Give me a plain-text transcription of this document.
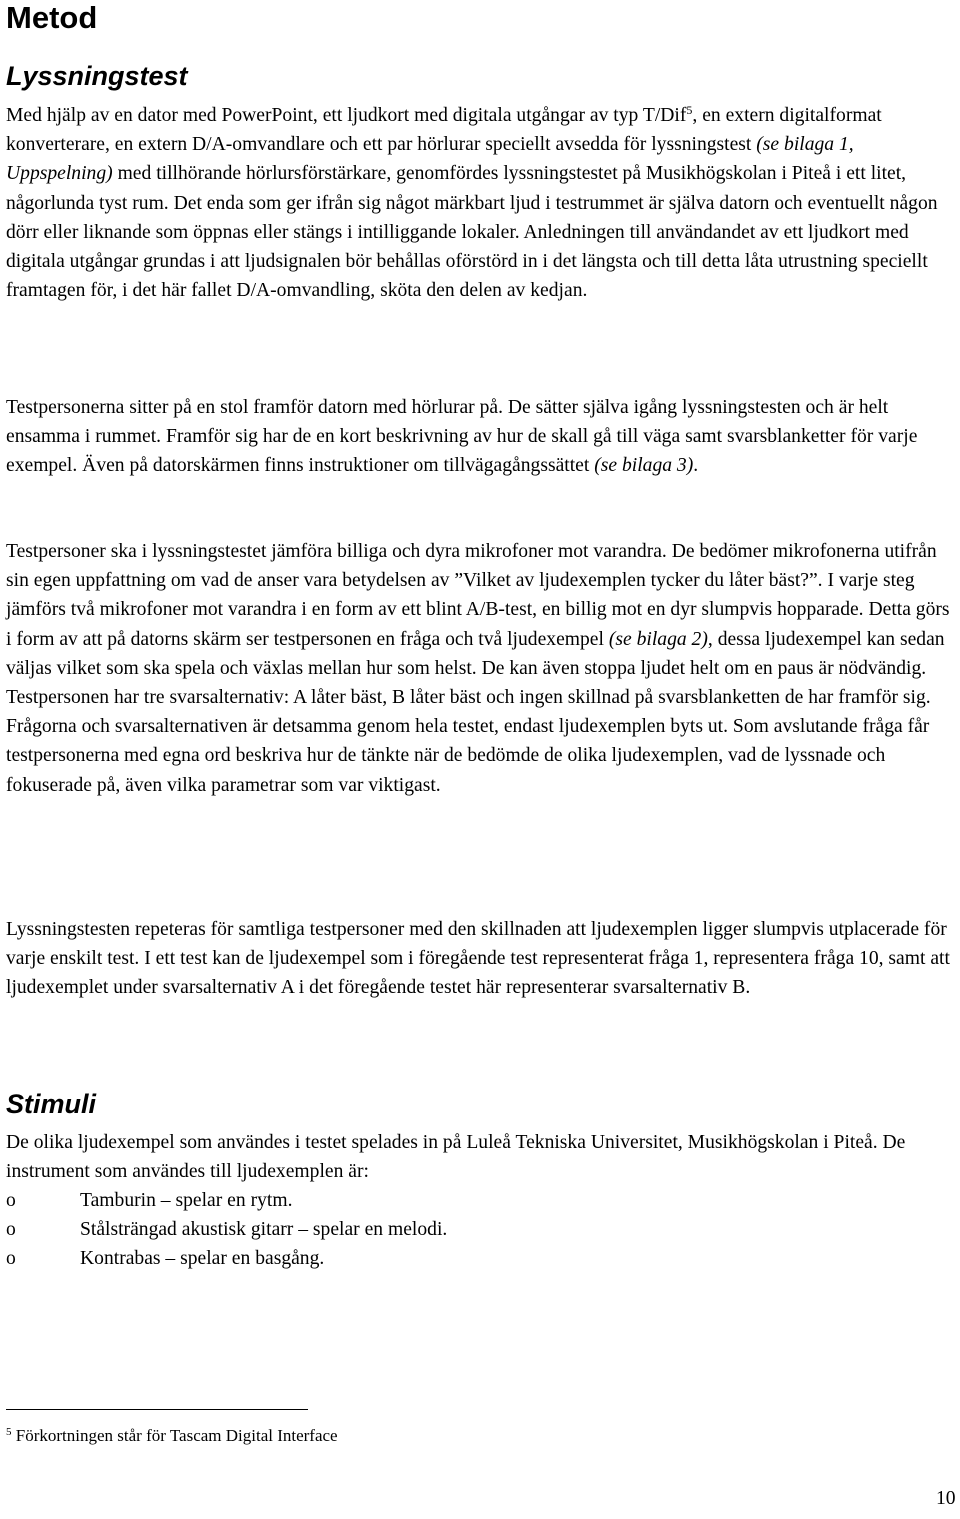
Metod
Lyssningstest

Med hjälp av en dator med PowerPoint, ett ljudkort med digitala utgångar av typ T/Dif$^5$, en extern digitalformat konverterare, en extern D/A-omvandlare och ett par hörlurar speciellt avsedda för lyssningstest (se bilaga 1, Uppspelning) med tillhörande hörlursförstärkare, genomfördes lyssningstestet på Musikhögskolan i Piteå i ett litet, någorlunda tyst rum. Det enda som ger ifrån sig något märkbart ljud i testrummet är själva datorn och eventuellt någon dörr eller liknande som öppnas eller stängs i intilliggande lokaler. Anledningen till användandet av ett ljudkort med digitala utgångar grundas i att ljudsignalen bör behållas oförstörd in i det längsta och till detta låta utrustning speciellt framtagen för, i det här fallet D/A-omvandling, sköta den delen av kedjan.

Testpersonerna sitter på en stol framför datorn med hörlurar på. De sätter själva igång lyssningstesten och är helt ensamma i rummet. Framför sig har de en kort beskrivning av hur de skall gå till väga samt svarsblanketter för varje exempel. Även på datorskärmen finns instruktioner om tillvägagångssättet (se bilaga 3).

Testpersoner ska i lyssningstestet jämföra billiga och dyra mikrofoner mot varandra. De bedömer mikrofonerna utifrån sin egen uppfattning om vad de anser vara betydelsen av ”Vilket av ljudexemplen tycker du låter bäst?”. I varje steg jämförs två mikrofoner mot varandra i en form av ett blint A/B-test, en billig mot en dyr slumpvis hopparade. Detta görs i form av att på datorns skärm ser testpersonen en fråga och två ljudexempel (se bilaga 2), dessa ljudexempel kan sedan väljas vilket som ska spela och växlas mellan hur som helst. De kan även stoppa ljudet helt om en paus är nödvändig. Testpersonen har tre svarsalternativ: A låter bäst, B låter bäst och ingen skillnad på svarsblanketten de har framför sig. Frågorna och svarsalternativen är detsamma genom hela testet, endast ljudexemplen byts ut. Som avslutande fråga får testpersonerna med egna ord beskriva hur de tänkte när de bedömde de olika ljudexemplen, vad de lyssnade och fokuserade på, även vilka parametrar som var viktigast.

Lyssningstesten repeteras för samtliga testpersoner med den skillnaden att ljudexemplen ligger slumpvis utplacerade för varje enskilt test. I ett test kan de ljudexempel som i föregående test representerat fråga 1, representera fråga 10, samt att ljudexemplet under svarsalternativ A i det föregående testet här representerar svarsalternativ B.

Stimuli

De olika ljudexempel som användes i testet spelades in på Luleå Tekniska Universitet, Musikhögskolan i Piteå. De instrument som användes till ljudexemplen är:

o	Tamburin – spelar en rytm.
o	Stålsträngad akustisk gitarr – spelar en melodi.
o	Kontrabas – spelar en basgång.
$^5$ Förkortningen står för Tascam Digital Interface
10
